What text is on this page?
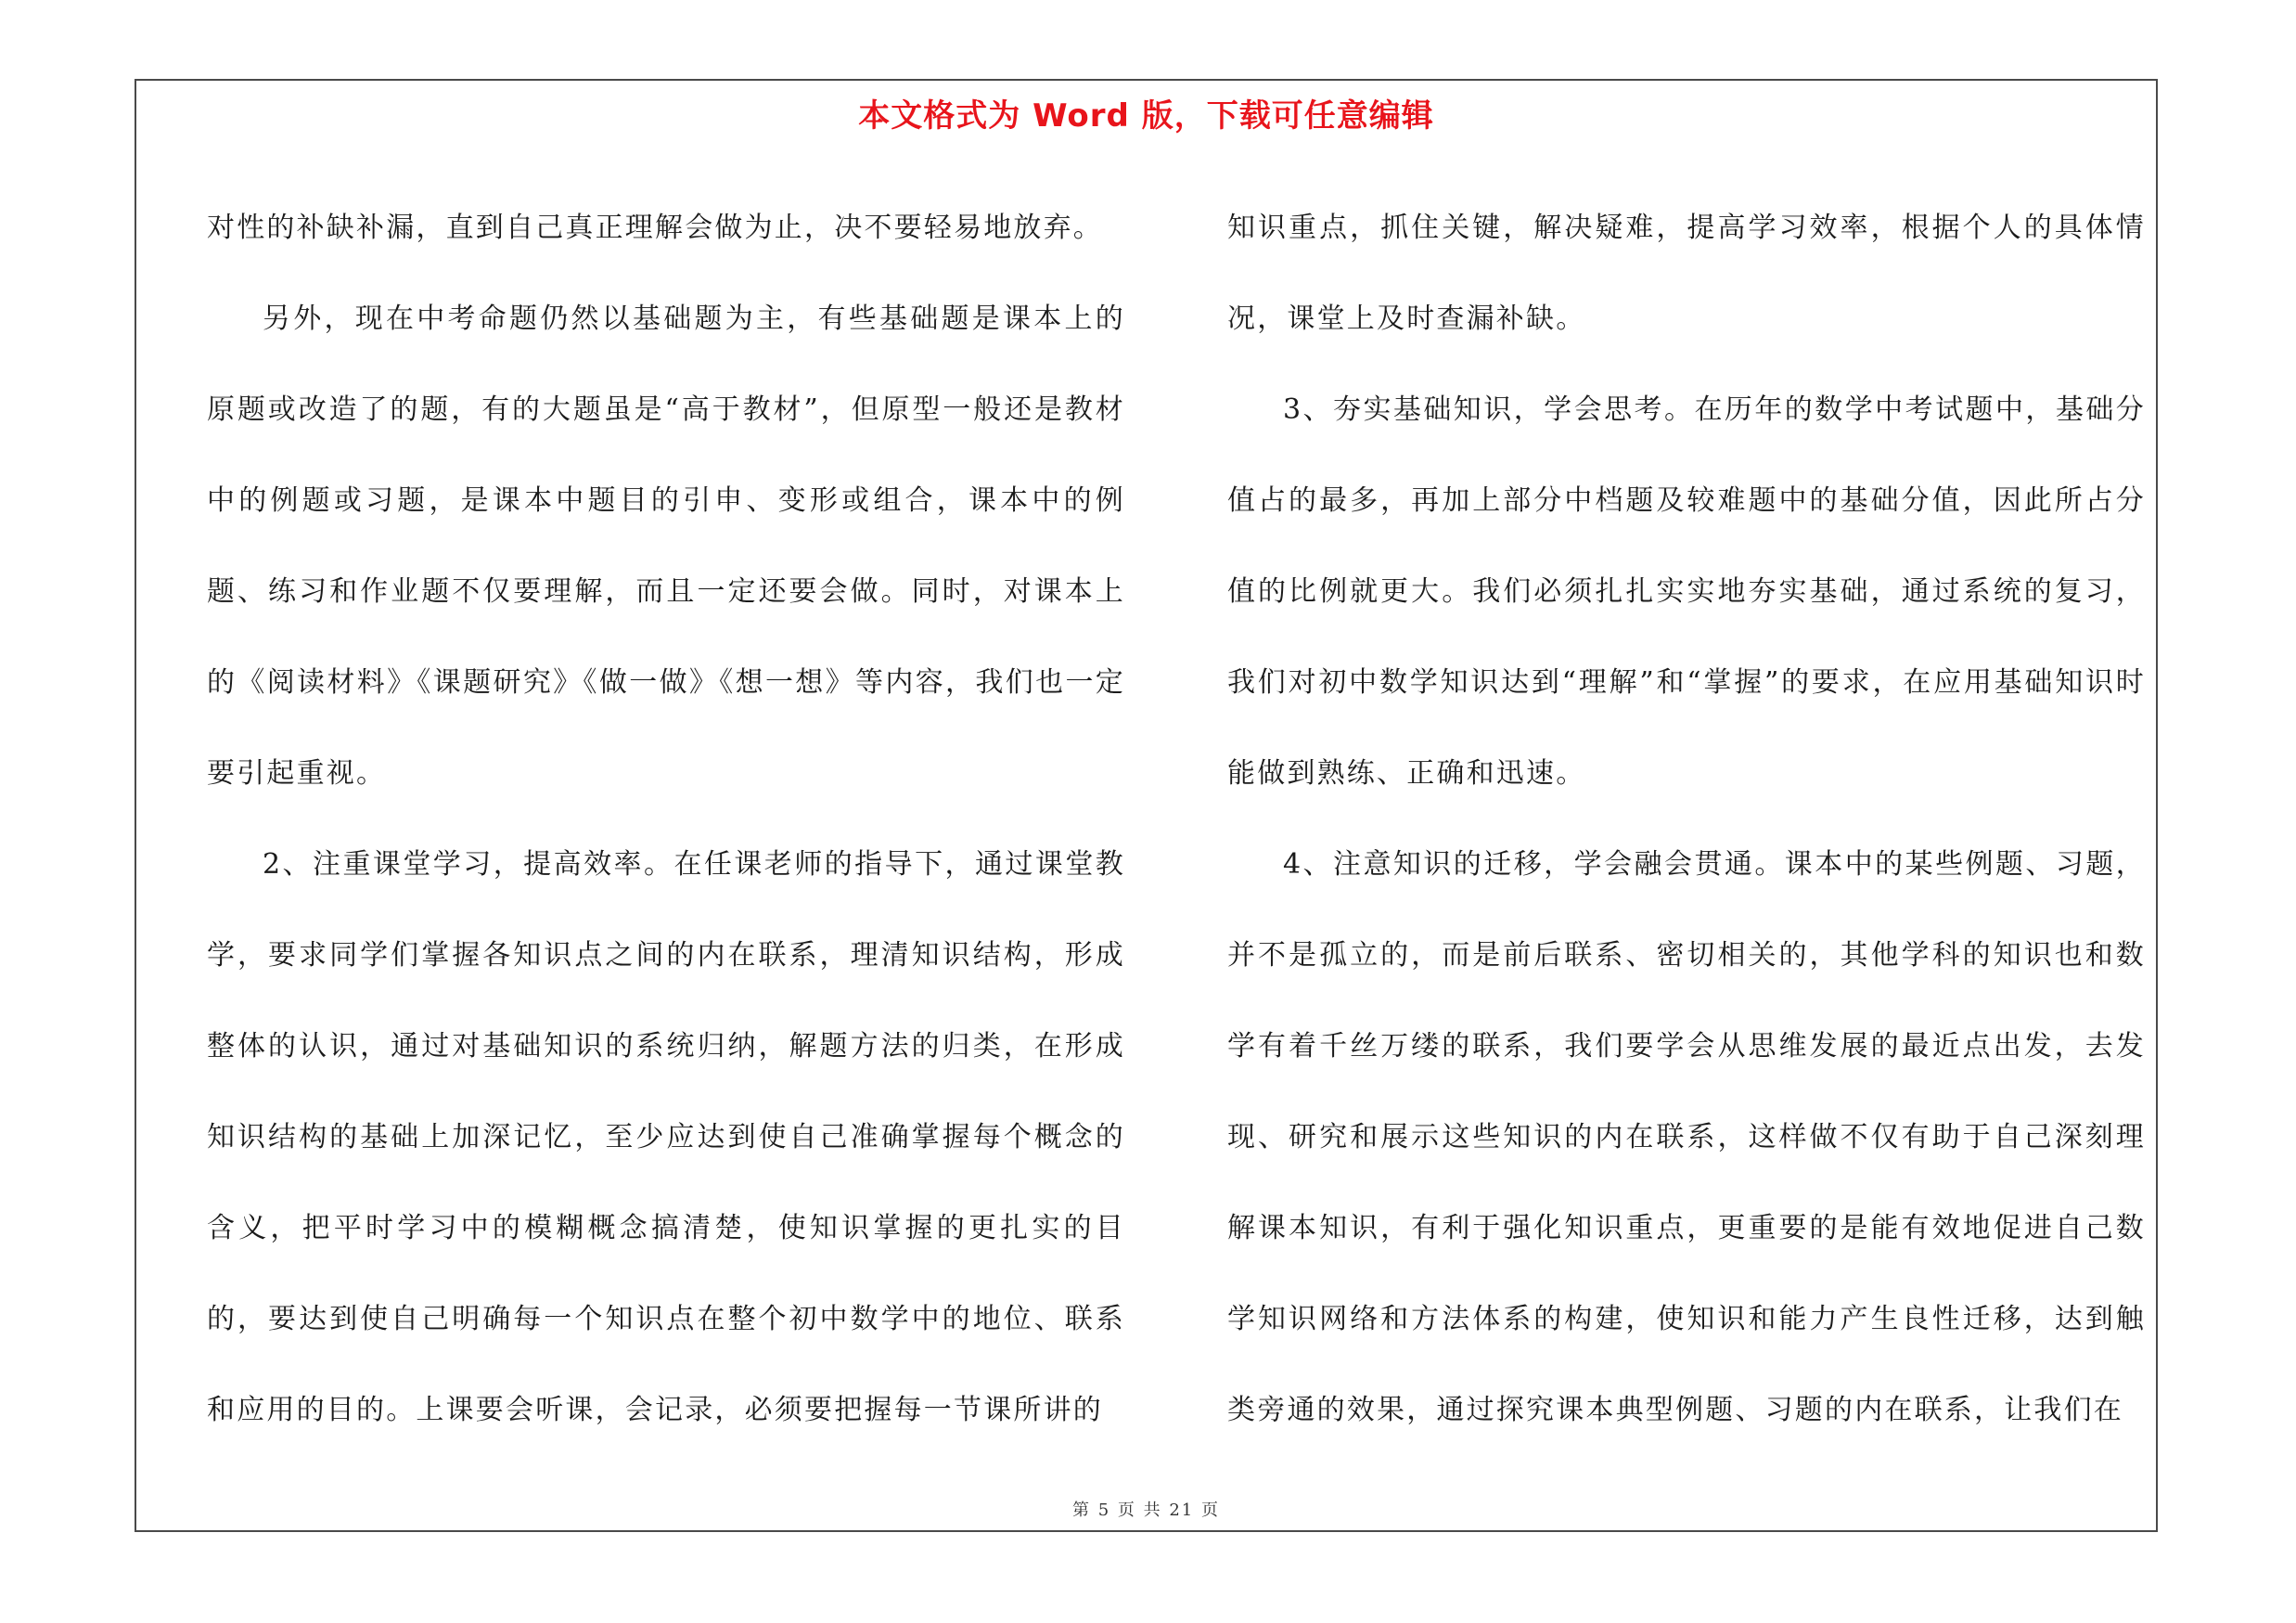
本文格式为 Word 版，下载可任意编辑

对性的补缺补漏，直到自己真正理解会做为止，决不要轻易地放弃。

另外，现在中考命题仍然以基础题为主，有些基础题是课本上的原题或改造了的题，有的大题虽是“高于教材”，但原型一般还是教材中的例题或习题，是课本中题目的引申、变形或组合，课本中的例题、练习和作业题不仅要理解，而且一定还要会做。同时，对课本上的《阅读材料》《课题研究》《做一做》《想一想》等内容，我们也一定要引起重视。

2、注重课堂学习，提高效率。在任课老师的指导下，通过课堂教学，要求同学们掌握各知识点之间的内在联系，理清知识结构，形成整体的认识，通过对基础知识的系统归纳，解题方法的归类，在形成知识结构的基础上加深记忆，至少应达到使自己准确掌握每个概念的含义，把平时学习中的模糊概念搞清楚，使知识掌握的更扎实的目的，要达到使自己明确每一个知识点在整个初中数学中的地位、联系和应用的目的。上课要会听课，会记录，必须要把握每一节课所讲的

知识重点，抓住关键，解决疑难，提高学习效率，根据个人的具体情况，课堂上及时查漏补缺。

3、夯实基础知识，学会思考。在历年的数学中考试题中，基础分值占的最多，再加上部分中档题及较难题中的基础分值，因此所占分值的比例就更大。我们必须扎扎实实地夯实基础，通过系统的复习，我们对初中数学知识达到“理解”和“掌握”的要求，在应用基础知识时能做到熟练、正确和迅速。

4、注意知识的迁移，学会融会贯通。课本中的某些例题、习题，并不是孤立的，而是前后联系、密切相关的，其他学科的知识也和数学有着千丝万缕的联系，我们要学会从思维发展的最近点出发，去发现、研究和展示这些知识的内在联系，这样做不仅有助于自己深刻理解课本知识，有利于强化知识重点，更重要的是能有效地促进自己数学知识网络和方法体系的构建，使知识和能力产生良性迁移，达到触类旁通的效果，通过探究课本典型例题、习题的内在联系，让我们在

第 5 页 共 21 页
